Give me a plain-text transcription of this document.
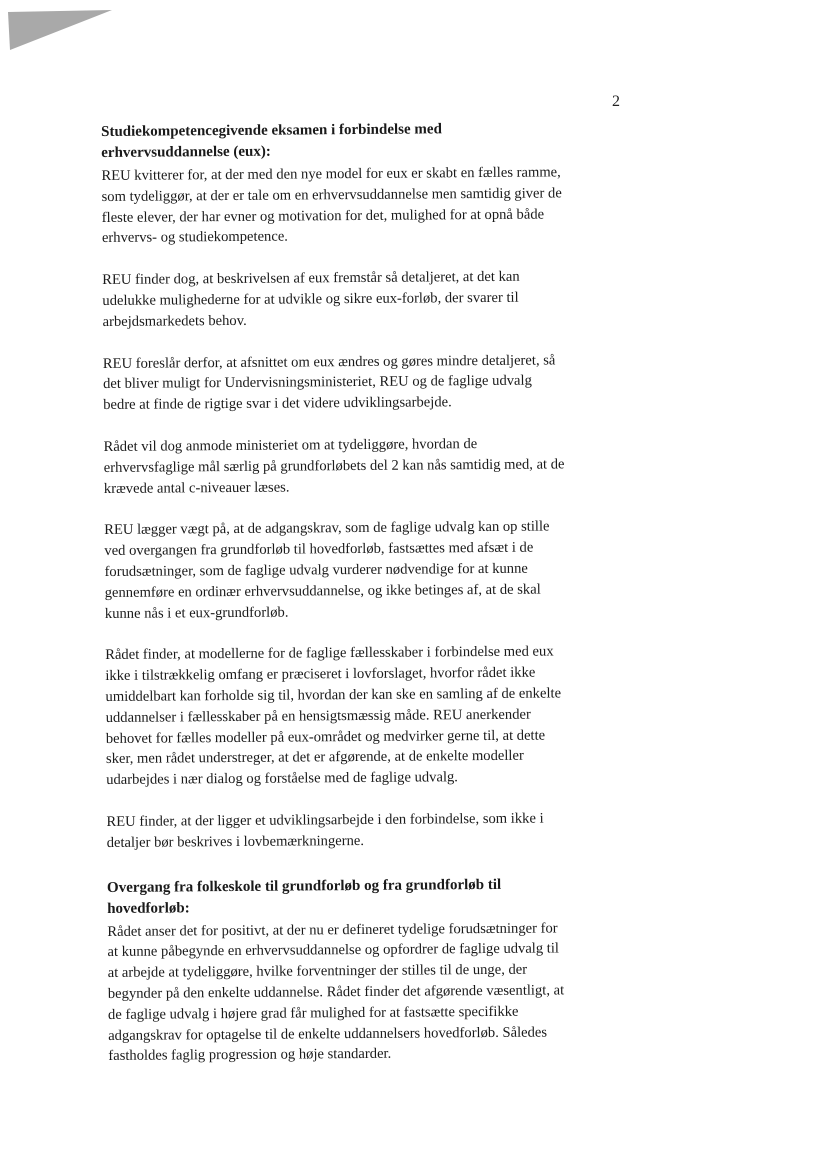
2
Studiekompetencegivende eksamen i forbindelse med erhvervsuddannelse (eux):

REU kvitterer for, at der med den nye model for eux er skabt en fælles ramme, som tydeliggør, at der er tale om en erhvervsuddannelse men samtidig giver de fleste elever, der har evner og motivation for det, mulighed for at opnå både erhvervs- og studiekompetence.

REU finder dog, at beskrivelsen af eux fremstår så detaljeret, at det kan udelukke mulighederne for at udvikle og sikre eux-forløb, der svarer til arbejdsmarkedets behov.

REU foreslår derfor, at afsnittet om eux ændres og gøres mindre detaljeret, så det bliver muligt for Undervisningsministeriet, REU og de faglige udvalg bedre at finde de rigtige svar i det videre udviklingsarbejde.

Rådet vil dog anmode ministeriet om at tydeliggøre, hvordan de erhvervsfaglige mål særlig på grundforløbets del 2 kan nås samtidig med, at de krævede antal c-niveauer læses.

REU lægger vægt på, at de adgangskrav, som de faglige udvalg kan op stille ved overgangen fra grundforløb til hovedforløb, fastsættes med afsæt i de forudsætninger, som de faglige udvalg vurderer nødvendige for at kunne gennemføre en ordinær erhvervsuddannelse, og ikke betinges af, at de skal kunne nås i et eux-grundforløb.

Rådet finder, at modellerne for de faglige fællesskaber i forbindelse med eux ikke i tilstrækkelig omfang er præciseret i lovforslaget, hvorfor rådet ikke umiddelbart kan forholde sig til, hvordan der kan ske en samling af de enkelte uddannelser i fællesskaber på en hensigtsmæssig måde. REU anerkender behovet for fælles modeller på eux-området og medvirker gerne til, at dette sker, men rådet understreger, at det er afgørende, at de enkelte modeller udarbejdes i nær dialog og forståelse med de faglige udvalg.

REU finder, at der ligger et udviklingsarbejde i den forbindelse, som ikke i detaljer bør beskrives i lovbemærkningerne.

Overgang fra folkeskole til grundforløb og fra grundforløb til hovedforløb:

Rådet anser det for positivt, at der nu er defineret tydelige forudsætninger for at kunne påbegynde en erhvervsuddannelse og opfordrer de faglige udvalg til at arbejde at tydeliggøre, hvilke forventninger der stilles til de unge, der begynder på den enkelte uddannelse. Rådet finder det afgørende væsentligt, at de faglige udvalg i højere grad får mulighed for at fastsætte specifikke adgangskrav for optagelse til de enkelte uddannelsers hovedforløb. Således fastholdes faglig progression og høje standarder.
